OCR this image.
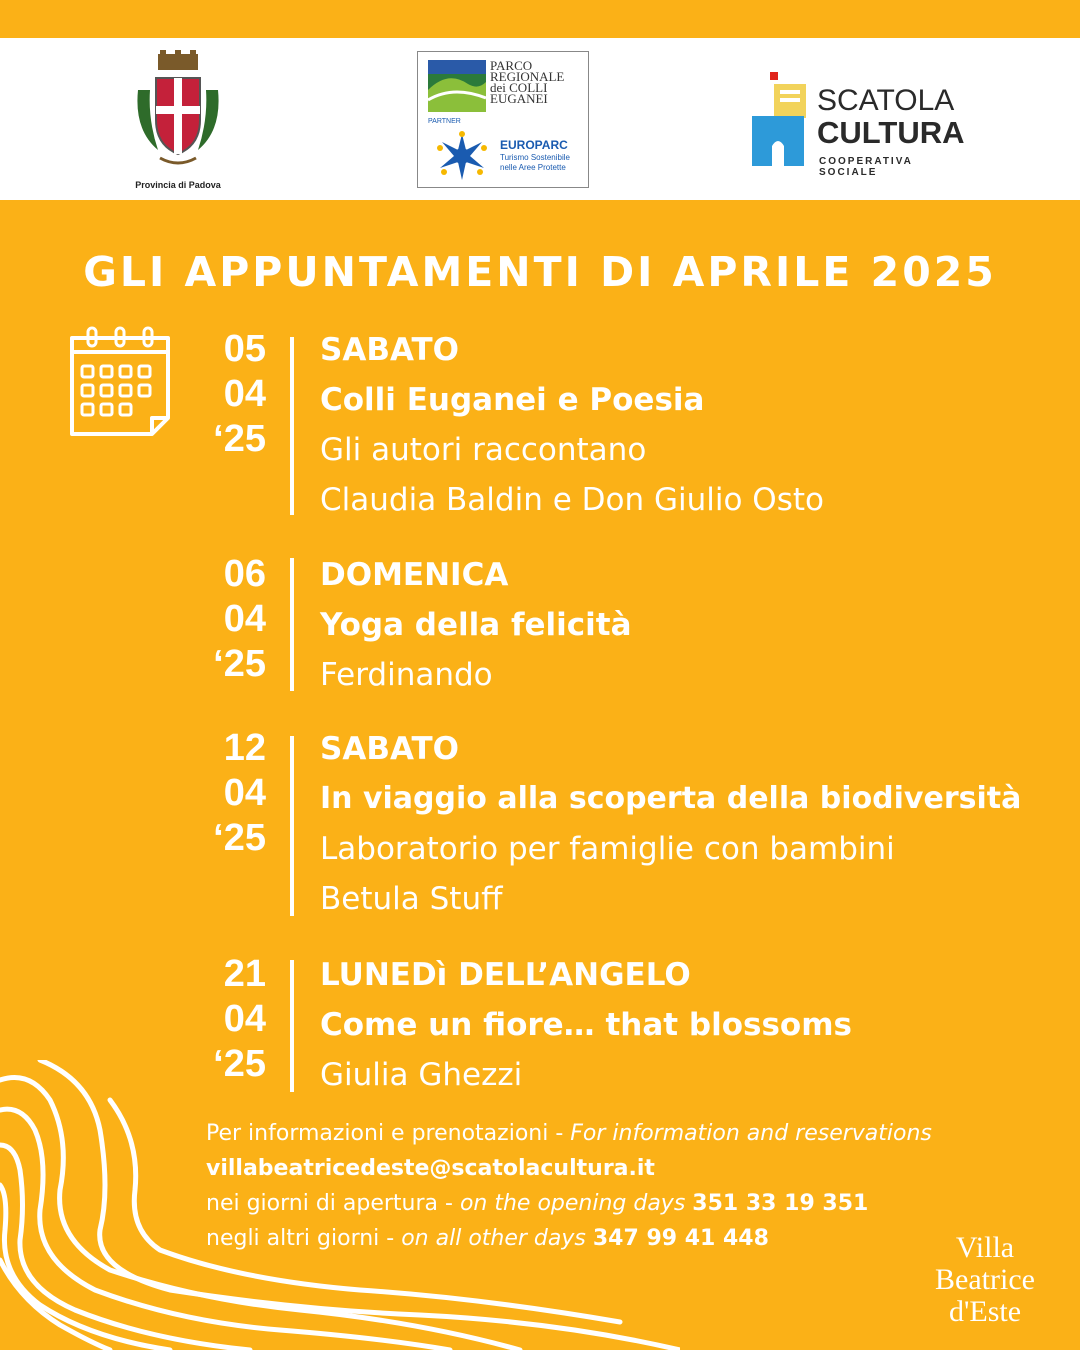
Provincia di Padova
PARCO
REGIONALE
dei COLLI
EUGANEI
PARTNER
EUROPARC
Turismo Sostenibile
nelle Aree Protette
SCATOLA
CULTURA
COOPERATIVA SOCIALE
GLI APPUNTAMENTI DI APRILE 2025
05
04
‘25
SABATO
Colli Euganei e Poesia
Gli autori raccontano
Claudia Baldin e Don Giulio Osto
06
04
‘25
DOMENICA
Yoga della felicità
Ferdinando
12
04
‘25
SABATO
In viaggio alla scoperta della biodiversità
Laboratorio per famiglie con bambini
Betula Stuff
21
04
‘25
LUNEDì DELL’ANGELO
Come un fiore… that blossoms
Giulia Ghezzi
Per informazioni e prenotazioni - For information and reservations
villabeatricedeste@scatolacultura.it
nei giorni di apertura - on the opening days 351 33 19 351
negli altri giorni - on all other days 347 99 41 448	Villa
Beatrice
d'Este
